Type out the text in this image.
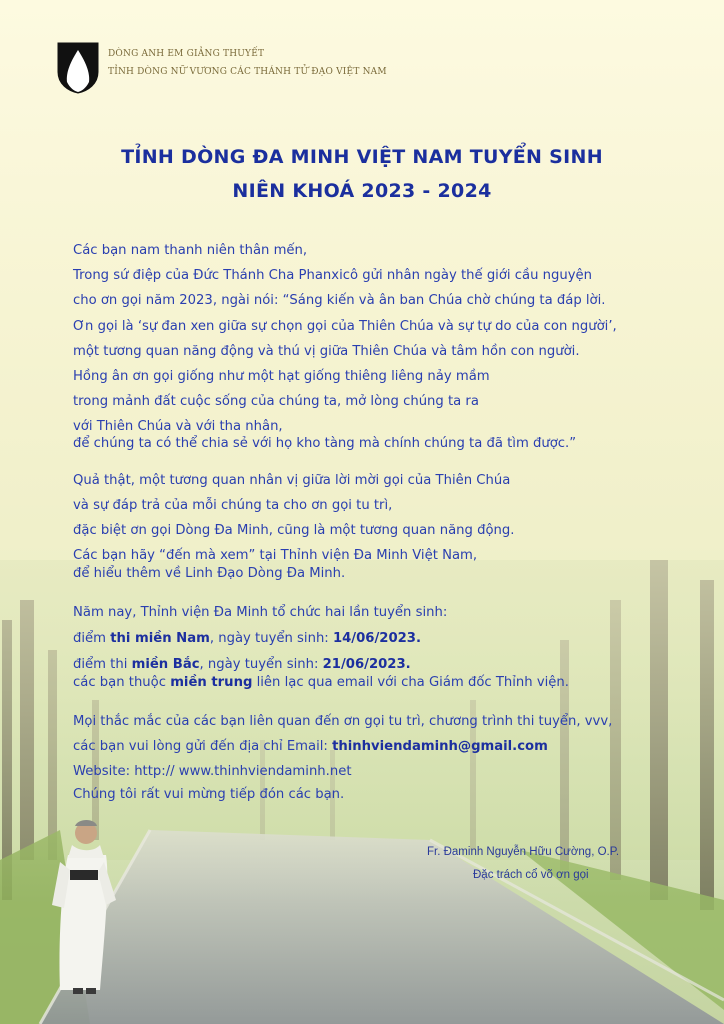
DÒNG ANH EM GIẢNG THUYẾT
TỈNH DÒNG NỮ VƯƠNG CÁC THÁNH TỬ ĐẠO VIỆT NAM
TỈNH DÒNG ĐA MINH VIỆT NAM TUYỂN SINH
NIÊN KHOÁ 2023 - 2024
Các bạn nam thanh niên thân mến,
Trong sứ điệp của Đức Thánh Cha Phanxicô gửi nhân ngày thế giới cầu nguyện
cho ơn gọi năm 2023, ngài nói: “Sáng kiến và ân ban Chúa chờ chúng ta đáp lời.
Ơn gọi là ‘sự đan xen giữa sự chọn gọi của Thiên Chúa và sự tự do của con người’,
một tương quan năng động và thú vị giữa Thiên Chúa và tâm hồn con người.
Hồng ân ơn gọi giống như một hạt giống thiêng liêng nảy mầm
trong mảnh đất cuộc sống của chúng ta, mở lòng chúng ta ra
với Thiên Chúa và với tha nhân,
để chúng ta có thể chia sẻ với họ kho tàng mà chính chúng ta đã tìm được.”
Quả thật, một tương quan nhân vị giữa lời mời gọi của Thiên Chúa
và sự đáp trả của mỗi chúng ta cho ơn gọi tu trì,
đặc biệt ơn gọi Dòng Đa Minh, cũng là một tương quan năng động.
Các bạn hãy “đến mà xem” tại Thỉnh viện Đa Minh Việt Nam,
để hiểu thêm về Linh Đạo Dòng Đa Minh.
Năm nay, Thỉnh viện Đa Minh tổ chức hai lần tuyển sinh:
điểm thi miền Nam, ngày tuyển sinh: 14/06/2023.
điểm thi miền Bắc, ngày tuyển sinh: 21/06/2023.
các bạn thuộc miền trung liên lạc qua email với cha Giám đốc Thỉnh viện.
Mọi thắc mắc của các bạn liên quan đến ơn gọi tu trì, chương trình thi tuyển, vvv,
các bạn vui lòng gửi đến địa chỉ Email: thinhviendaminh@gmail.com
Website: http:// www.thinhviendaminh.net
Chúng tôi rất vui mừng tiếp đón các bạn.
Fr. Đaminh Nguyễn Hữu Cường, O.P.
Đặc trách cổ võ ơn gọi
